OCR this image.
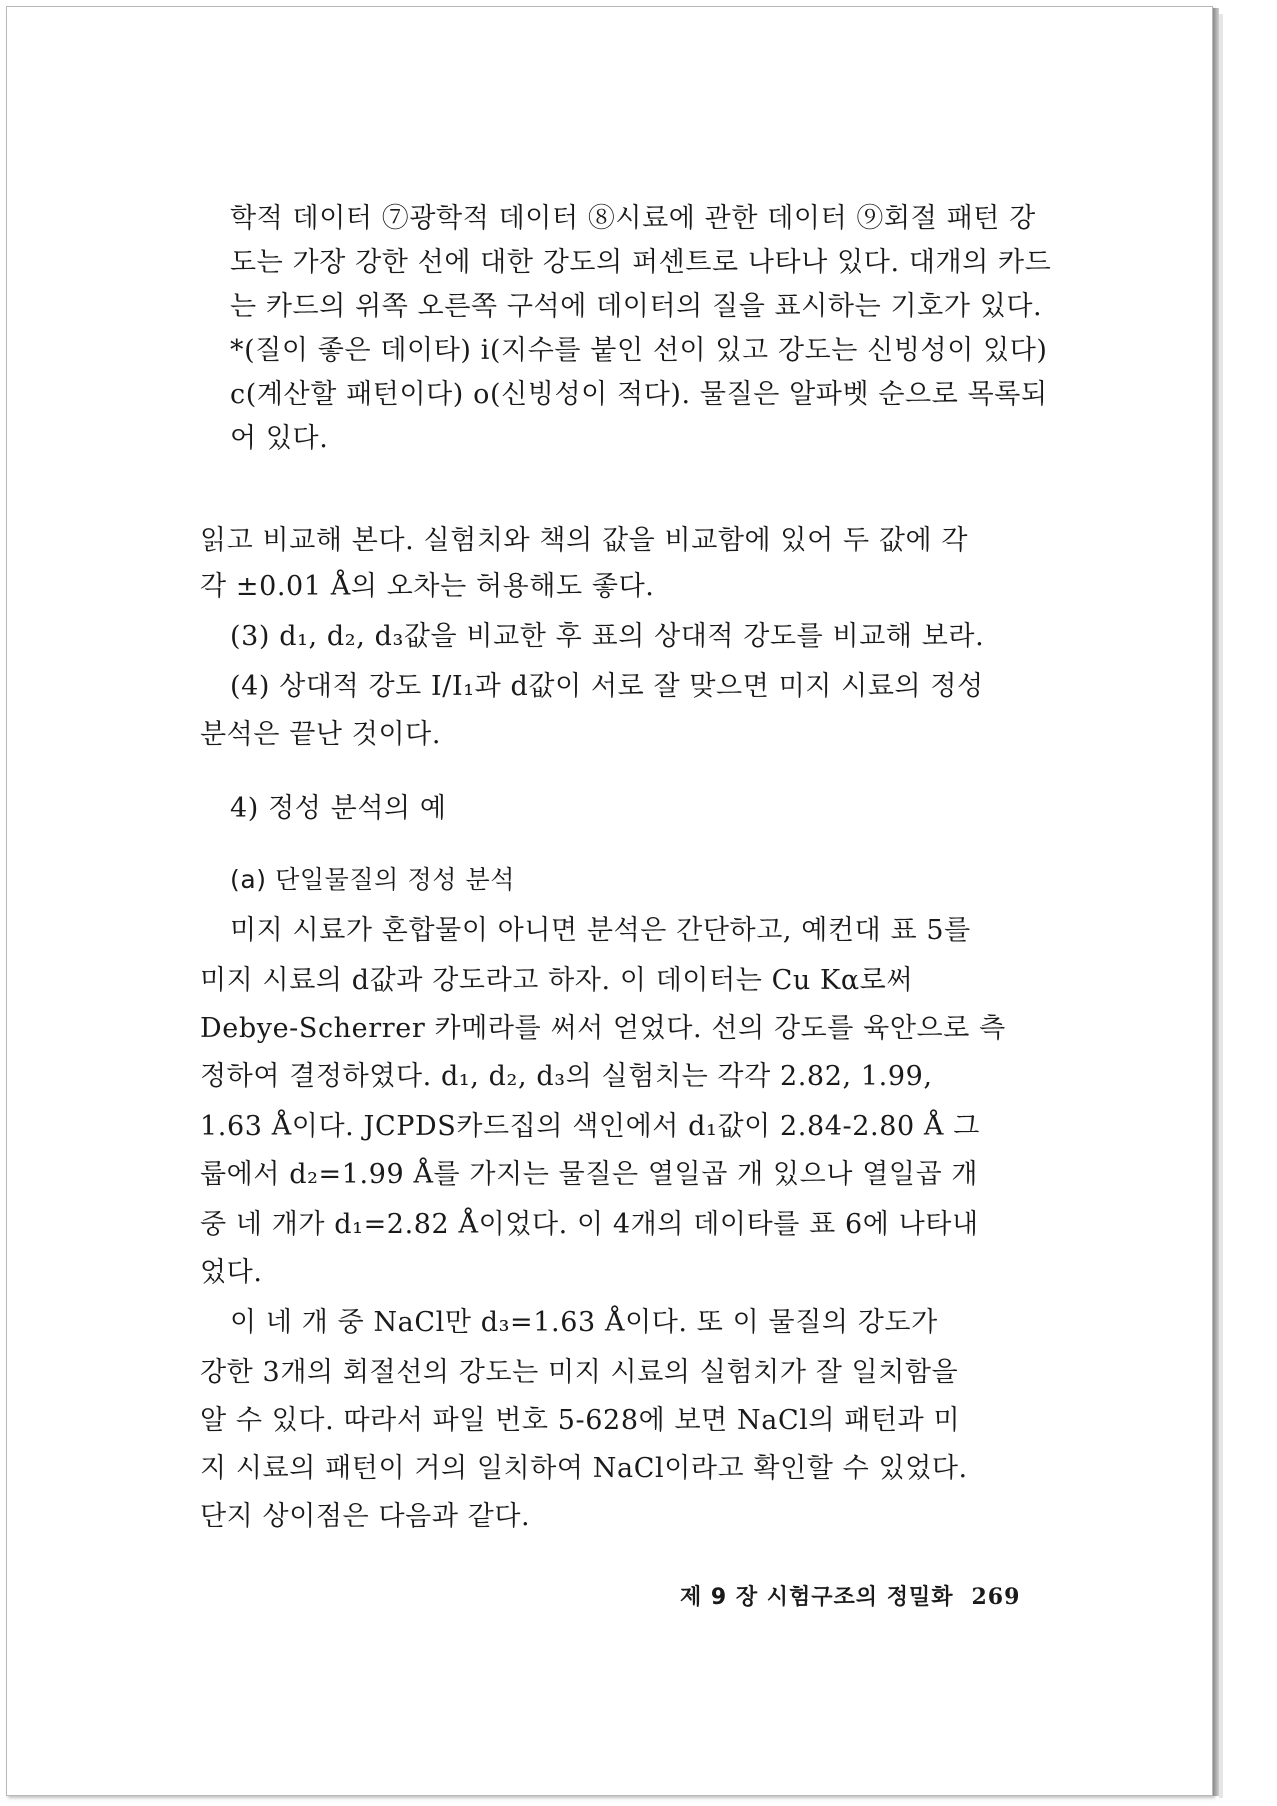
학적 데이터 ⑦광학적 데이터 ⑧시료에 관한 데이터 ⑨회절 패턴 강
도는 가장 강한 선에 대한 강도의 퍼센트로 나타나 있다. 대개의 카드
는 카드의 위쪽 오른쪽 구석에 데이터의 질을 표시하는 기호가 있다.
*(질이 좋은 데이타) i(지수를 붙인 선이 있고 강도는 신빙성이 있다)
c(계산할 패턴이다) o(신빙성이 적다). 물질은 알파벳 순으로 목록되
어 있다.
읽고 비교해 본다. 실험치와 책의 값을 비교함에 있어 두 값에 각
각 ±0.01 Å의 오차는 허용해도 좋다.
(3) d₁, d₂, d₃값을 비교한 후 표의 상대적 강도를 비교해 보라.
(4) 상대적 강도 I/I₁과 d값이 서로 잘 맞으면 미지 시료의 정성
분석은 끝난 것이다.
4) 정성 분석의 예
(a) 단일물질의 정성 분석
미지 시료가 혼합물이 아니면 분석은 간단하고, 예컨대 표 5를
미지 시료의 d값과 강도라고 하자. 이 데이터는 Cu Kα로써
Debye-Scherrer 카메라를 써서 얻었다. 선의 강도를 육안으로 측
정하여 결정하였다. d₁, d₂, d₃의 실험치는 각각 2.82, 1.99,
1.63 Å이다. JCPDS카드집의 색인에서 d₁값이 2.84-2.80 Å 그
룹에서 d₂=1.99 Å를 가지는 물질은 열일곱 개 있으나 열일곱 개
중 네 개가 d₁=2.82 Å이었다. 이 4개의 데이타를 표 6에 나타내
었다.
이 네 개 중 NaCl만 d₃=1.63 Å이다. 또 이 물질의 강도가
강한 3개의 회절선의 강도는 미지 시료의 실험치가 잘 일치함을
알 수 있다. 따라서 파일 번호 5-628에 보면 NaCl의 패턴과 미
지 시료의 패턴이 거의 일치하여 NaCl이라고 확인할 수 있었다.
단지 상이점은 다음과 같다.
제 9 장 시험구조의 정밀화 269
